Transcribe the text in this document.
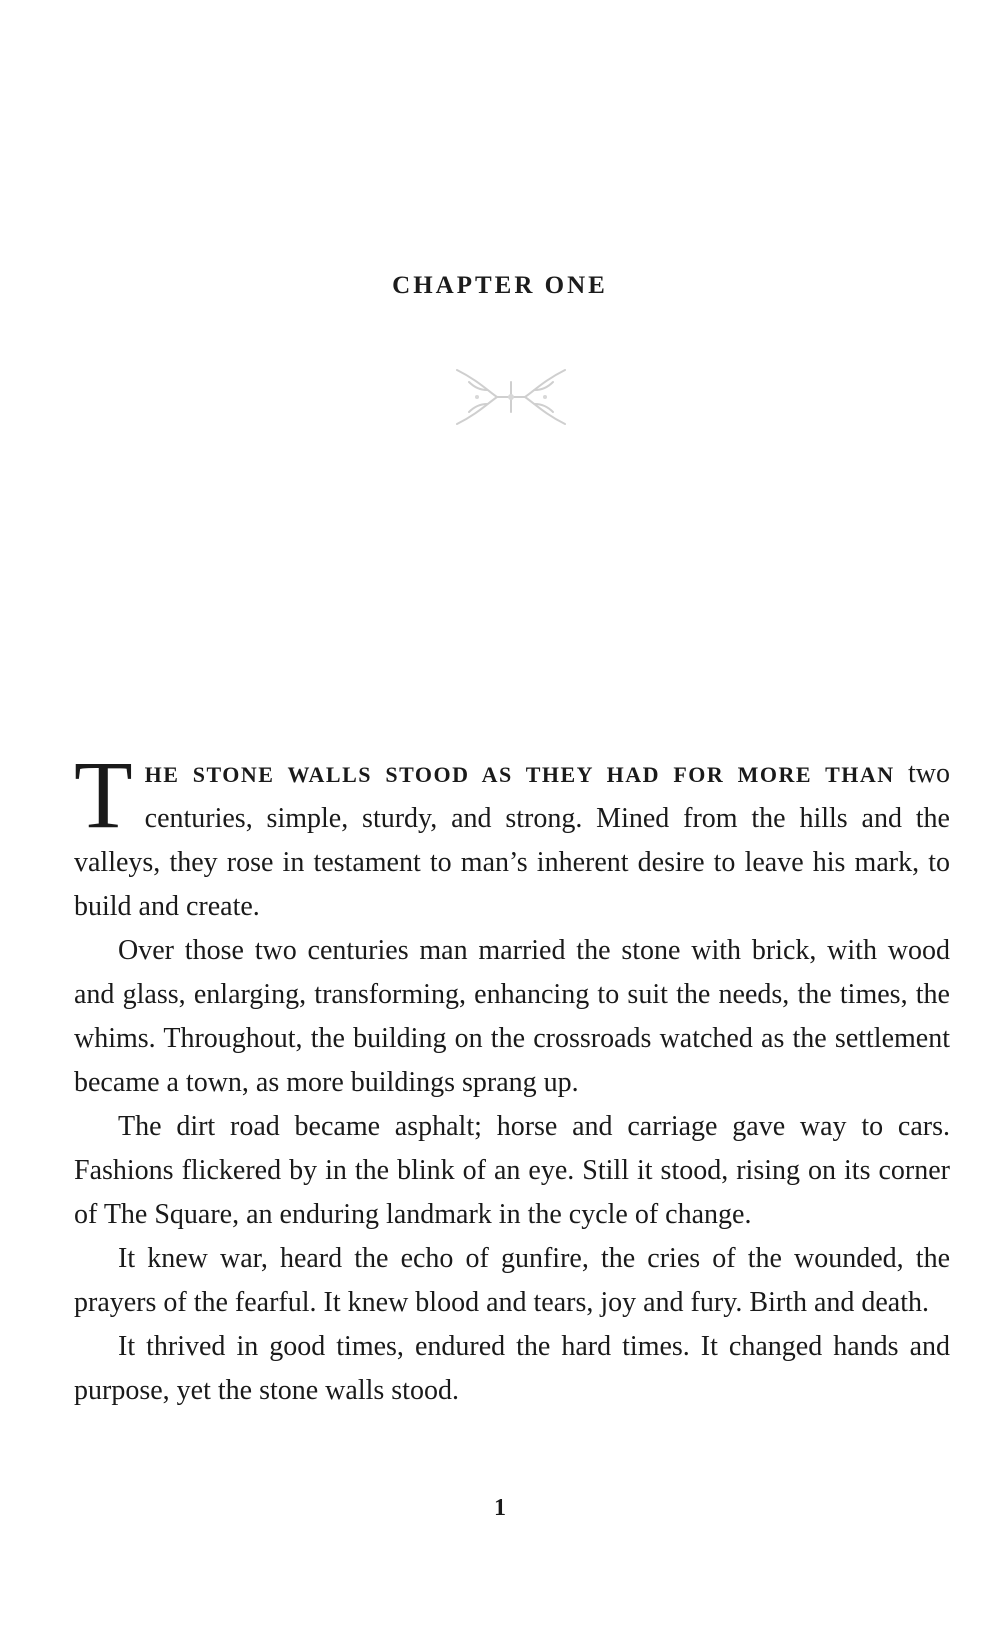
CHAPTER ONE

THE STONE WALLS STOOD AS THEY HAD FOR MORE THAN two centuries, simple, sturdy, and strong. Mined from the hills and the valleys, they rose in testament to man’s inherent desire to leave his mark, to build and create.

Over those two centuries man married the stone with brick, with wood and glass, enlarging, transforming, enhancing to suit the needs, the times, the whims. Throughout, the building on the crossroads watched as the settlement became a town, as more buildings sprang up.

The dirt road became asphalt; horse and carriage gave way to cars. Fashions flickered by in the blink of an eye. Still it stood, rising on its corner of The Square, an enduring landmark in the cycle of change.

It knew war, heard the echo of gunfire, the cries of the wounded, the prayers of the fearful. It knew blood and tears, joy and fury. Birth and death.

It thrived in good times, endured the hard times. It changed hands and purpose, yet the stone walls stood.

1
